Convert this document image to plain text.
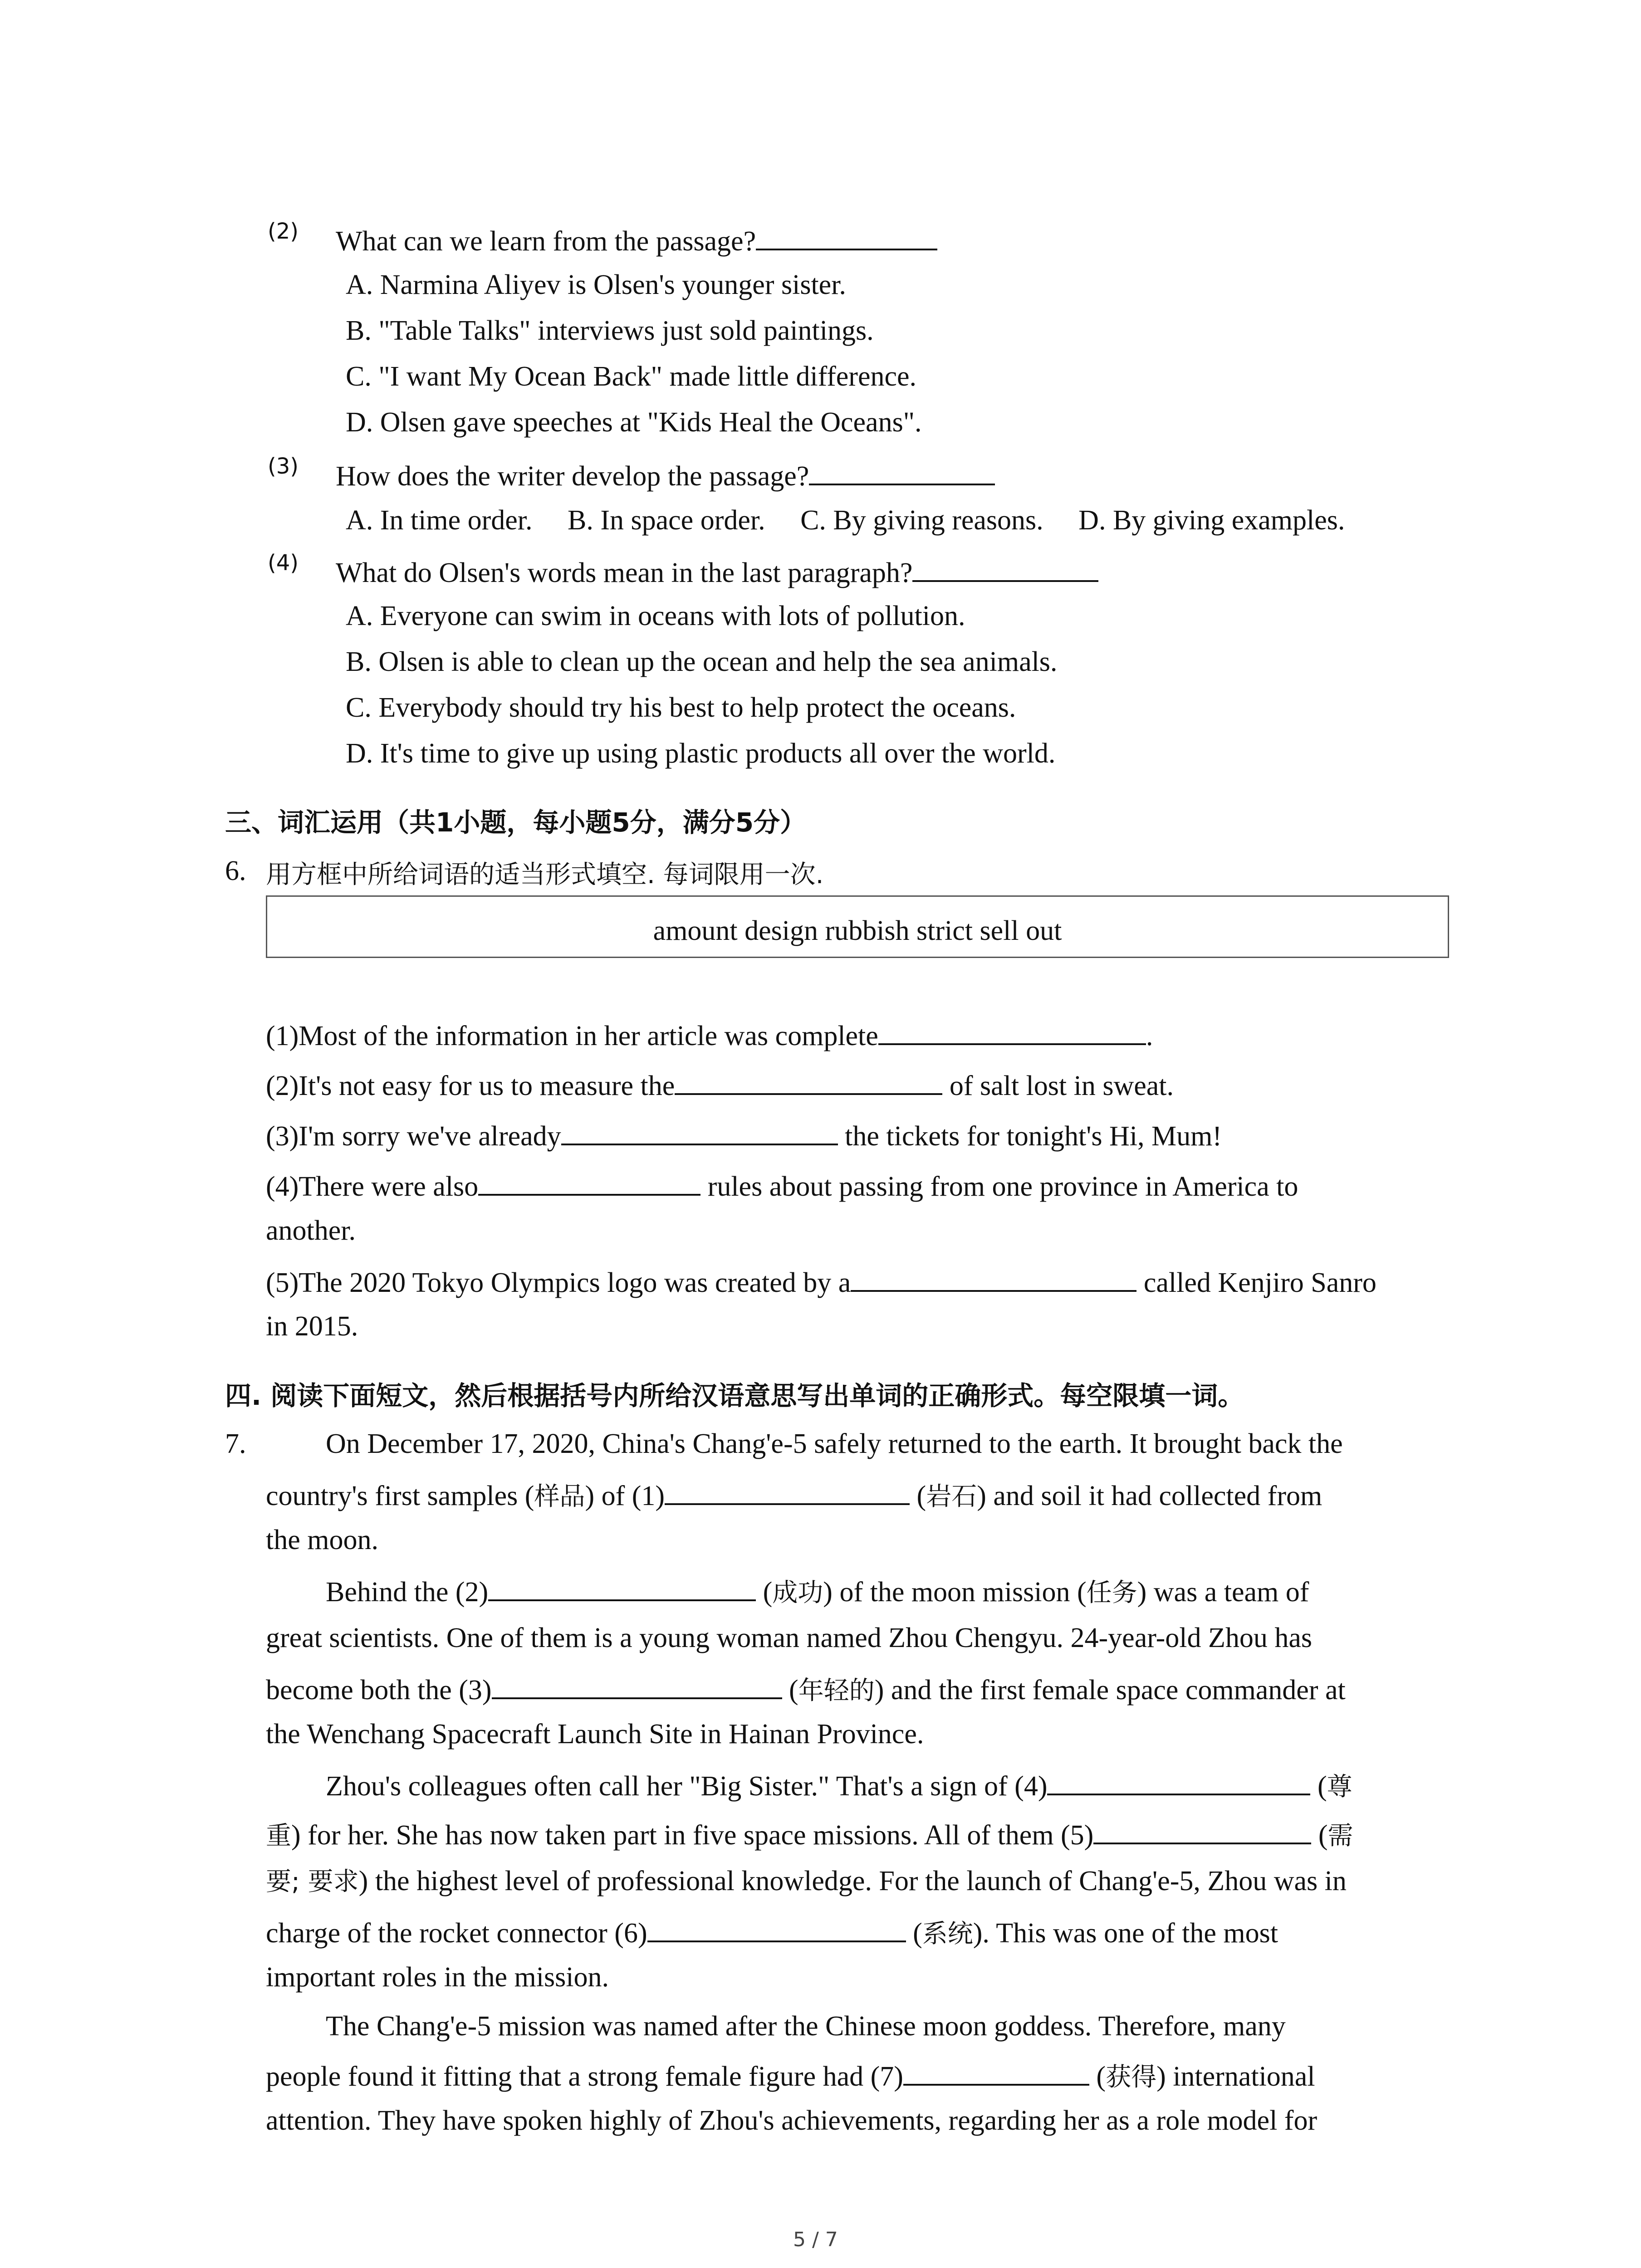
(2) What can we learn from the passage?
A. Narmina Aliyev is Olsen's younger sister.
B. "Table Talks" interviews just sold paintings.
C. "I want My Ocean Back" made little difference.
D. Olsen gave speeches at "Kids Heal the Oceans".
(3) How does the writer develop the passage?
A. In time order.     B. In space order.     C. By giving reasons.     D. By giving examples.
(4) What do Olsen's words mean in the last paragraph?
A. Everyone can swim in oceans with lots of pollution.
B. Olsen is able to clean up the ocean and help the sea animals.
C. Everybody should try his best to help protect the oceans.
D. It's time to give up using plastic products all over the world.
三、词汇运用（共1小题，每小题5分，满分5分）
6. 用方框中所给词语的适当形式填空. 每词限用一次.
amount design rubbish strict sell out
(1)Most of the information in her article was complete	.
(2)It's not easy for us to measure the	of salt lost in sweat.
(3)I'm sorry we've already	the tickets for tonight's Hi, Mum!
(4)There were also	rules about passing from one province in America to
another.
(5)The 2020 Tokyo Olympics logo was created by a	called Kenjiro Sanro
in 2015.
四. 阅读下面短文，然后根据括号内所给汉语意思写出单词的正确形式。每空限填一词。
7.	On December 17, 2020, China's Chang'e-5 safely returned to the earth. It brought back the
country's first samples (样品) of (1)	(岩石) and soil it had collected from
the moon.
Behind the (2)	(成功) of the moon mission (任务) was a team of
great scientists. One of them is a young woman named Zhou Chengyu. 24-year-old Zhou has
become both the (3)	(年轻的) and the first female space commander at
the Wenchang Spacecraft Launch Site in Hainan Province.
Zhou's colleagues often call her "Big Sister." That's a sign of (4)	(尊
重) for her. She has now taken part in five space missions. All of them (5)	(需
要; 要求) the highest level of professional knowledge. For the launch of Chang'e-5, Zhou was in
charge of the rocket connector (6)	(系统). This was one of the most
important roles in the mission.
The Chang'e-5 mission was named after the Chinese moon goddess. Therefore, many
people found it fitting that a strong female figure had (7)	(获得) international
attention. They have spoken highly of Zhou's achievements, regarding her as a role model for
5 / 7
